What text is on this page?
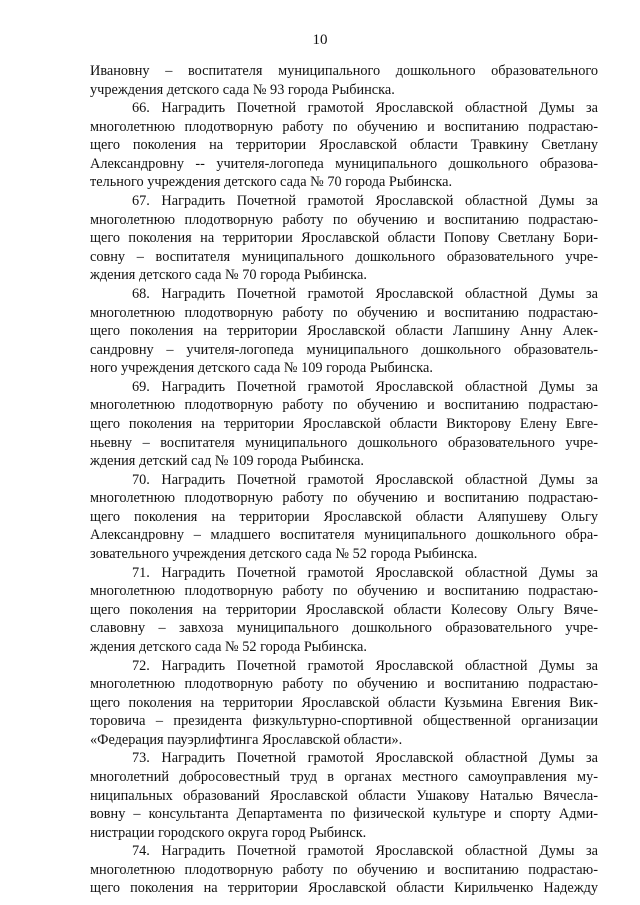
10
Ивановну – воспитателя муниципального дошкольного образовательного
учреждения детского сада № 93 города Рыбинска.
66. Наградить Почетной грамотой Ярославской областной Думы за
многолетнюю плодотворную работу по обучению и воспитанию подрастаю-
щего поколения на территории Ярославской области Травкину Светлану
Александровну -- учителя-логопеда муниципального дошкольного образова-
тельного учреждения детского сада № 70 города Рыбинска.
67. Наградить Почетной грамотой Ярославской областной Думы за
многолетнюю плодотворную работу по обучению и воспитанию подрастаю-
щего поколения на территории Ярославской области Попову Светлану Бори-
совну – воспитателя муниципального дошкольного образовательного учре-
ждения детского сада № 70 города Рыбинска.
68. Наградить Почетной грамотой Ярославской областной Думы за
многолетнюю плодотворную работу по обучению и воспитанию подрастаю-
щего поколения на территории Ярославской области Лапшину Анну Алек-
сандровну – учителя-логопеда муниципального дошкольного образователь-
ного учреждения детского сада № 109 города Рыбинска.
69. Наградить Почетной грамотой Ярославской областной Думы за
многолетнюю плодотворную работу по обучению и воспитанию подрастаю-
щего поколения на территории Ярославской области Викторову Елену Евге-
ньевну – воспитателя муниципального дошкольного образовательного учре-
ждения детский сад № 109 города Рыбинска.
70. Наградить Почетной грамотой Ярославской областной Думы за
многолетнюю плодотворную работу по обучению и воспитанию подрастаю-
щего поколения на территории Ярославской области Аляпушеву Ольгу
Александровну – младшего воспитателя муниципального дошкольного обра-
зовательного учреждения детского сада № 52 города Рыбинска.
71. Наградить Почетной грамотой Ярославской областной Думы за
многолетнюю плодотворную работу по обучению и воспитанию подрастаю-
щего поколения на территории Ярославской области Колесову Ольгу Вяче-
славовну – завхоза муниципального дошкольного образовательного учре-
ждения детского сада № 52 города Рыбинска.
72. Наградить Почетной грамотой Ярославской областной Думы за
многолетнюю плодотворную работу по обучению и воспитанию подрастаю-
щего поколения на территории Ярославской области Кузьмина Евгения Вик-
торовича – президента физкультурно-спортивной общественной организации
«Федерация пауэрлифтинга Ярославской области».
73. Наградить Почетной грамотой Ярославской областной Думы за
многолетний добросовестный труд в органах местного самоуправления му-
ниципальных образований Ярославской области Ушакову Наталью Вячесла-
вовну – консультанта Департамента по физической культуре и спорту Адми-
нистрации городского округа город Рыбинск.
74. Наградить Почетной грамотой Ярославской областной Думы за
многолетнюю плодотворную работу по обучению и воспитанию подрастаю-
щего поколения на территории Ярославской области Кирильченко Надежду
